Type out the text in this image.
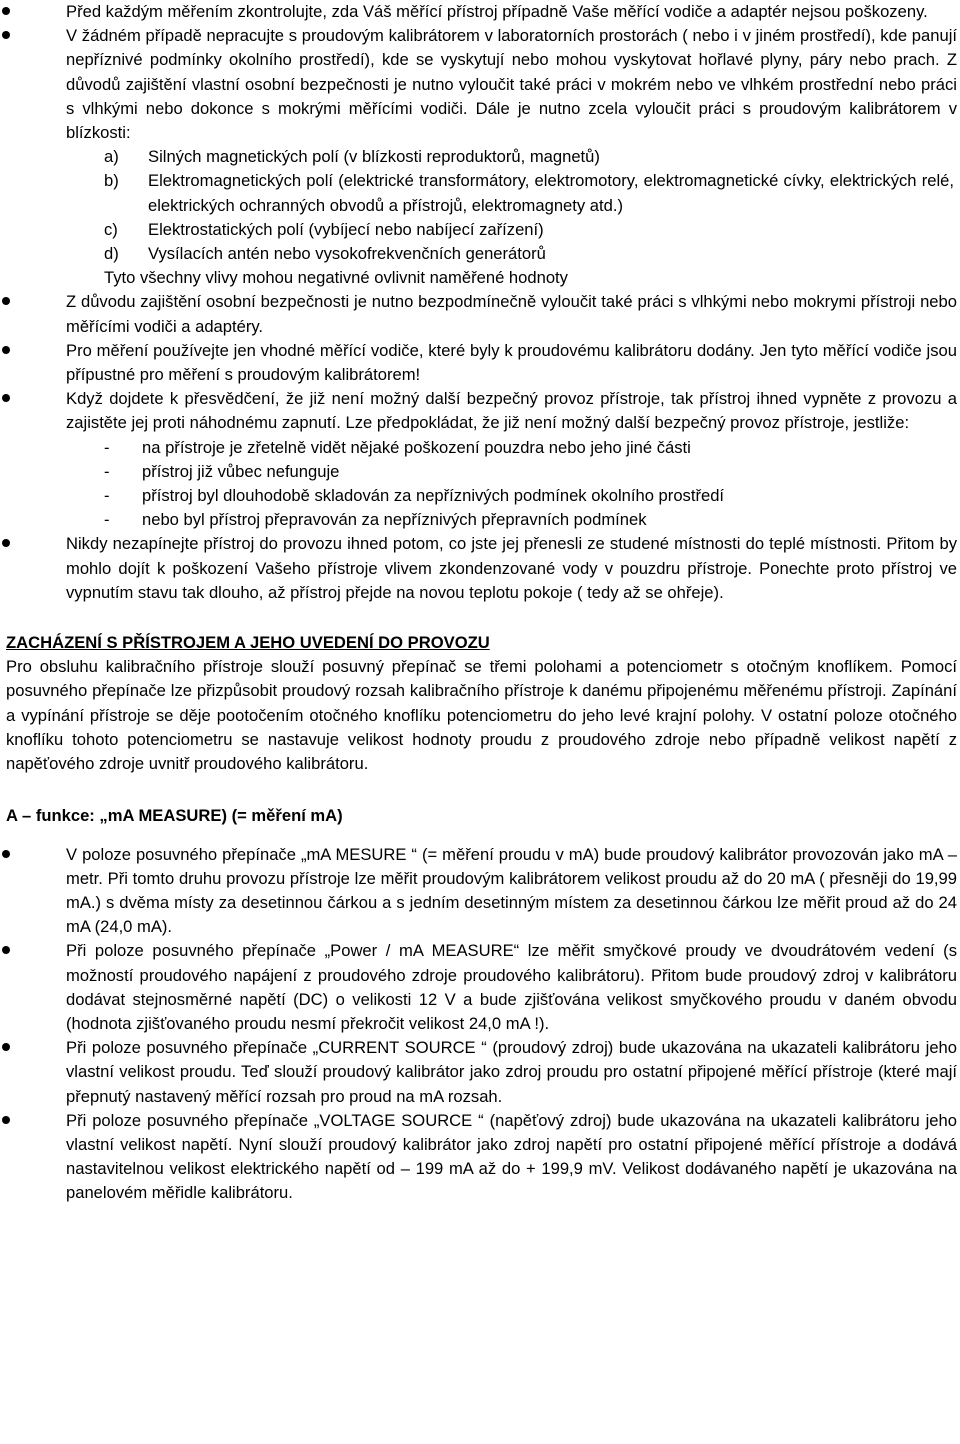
Před každým měřením zkontrolujte, zda Váš měřící přístroj případně Vaše měřící vodiče a adaptér nejsou poškozeny.
V žádném případě nepracujte s proudovým kalibrátorem v laboratorních prostorách ( nebo i v jiném prostředí), kde panují nepříznivé podmínky okolního prostředí), kde se vyskytují nebo mohou vyskytovat hořlavé plyny, páry nebo prach. Z důvodů zajištění vlastní osobní bezpečnosti je nutno vyloučit také práci v mokrém nebo ve vlhkém prostřední nebo práci s vlhkými nebo dokonce s mokrými měřícími vodiči. Dále je nutno zcela vyloučit práci s proudovým kalibrátorem v blízkosti:
a)	Silných magnetických polí (v blízkosti reproduktorů, magnetů)
b)	Elektromagnetických polí (elektrické transformátory, elektromotory, elektromagnetické cívky, elektrických relé, elektrických ochranných obvodů a přístrojů, elektromagnety atd.)
c)	Elektrostatických polí (vybíjecí nebo nabíjecí zařízení)
d)	Vysílacích antén nebo vysokofrekvenčních generátorů
Tyto všechny vlivy mohou negativné ovlivnit naměřené hodnoty
Z důvodu zajištění osobní bezpečnosti je nutno bezpodmínečně vyloučit také práci s vlhkými nebo mokrymi přístroji nebo měřícími vodiči a adaptéry.
Pro měření používejte jen vhodné měřící vodiče, které byly k proudovému kalibrátoru dodány. Jen tyto měřící vodiče jsou přípustné pro měření s proudovým kalibrátorem!
Když dojdete k přesvědčení, že již není možný další bezpečný provoz přístroje, tak přístroj ihned vypněte z provozu a zajistěte jej proti náhodnému zapnutí. Lze předpokládat, že již není možný další bezpečný provoz přístroje, jestliže:
-	na přístroje je zřetelně vidět nějaké poškození pouzdra nebo jeho jiné části
-	přístroj již vůbec nefunguje
-	přístroj byl dlouhodobě skladován za nepříznivých podmínek okolního prostředí
-	nebo byl přístroj přepravován za nepříznivých přepravních podmínek
Nikdy nezapínejte přístroj do provozu ihned potom, co jste jej přenesli ze studené místnosti do teplé místnosti. Přitom by mohlo dojít k poškození Vašeho přístroje vlivem zkondenzované vody v pouzdru přístroje. Ponechte proto přístroj ve vypnutím stavu tak dlouho, až přístroj přejde na novou teplotu pokoje ( tedy až se ohřeje).
ZACHÁZENÍ S PŘÍSTROJEM A JEHO UVEDENÍ DO PROVOZU
Pro obsluhu kalibračního přístroje slouží posuvný přepínač se třemi polohami a potenciometr s otočným knoflíkem. Pomocí posuvného přepínače lze přizpůsobit proudový rozsah kalibračního přístroje k danému připojenému měřenému přístroji. Zapínání a vypínání přístroje se děje pootočením otočného knoflíku potenciometru do jeho levé krajní polohy. V ostatní poloze otočného knoflíku tohoto potenciometru se nastavuje velikost hodnoty proudu z proudového zdroje nebo případně velikost napětí z napěťového zdroje uvnitř proudového kalibrátoru.
A – funkce: „mA MEASURE) (= měření mA)
V poloze posuvného přepínače „mA MESURE “ (= měření proudu v mA) bude proudový kalibrátor provozován jako mA – metr. Při tomto druhu provozu přístroje lze měřit proudovým kalibrátorem velikost proudu až do 20 mA ( přesněji do 19,99 mA.) s dvěma místy za desetinnou čárkou a s jedním desetinným místem za desetinnou čárkou lze měřit proud až do 24 mA (24,0 mA).
Při poloze posuvného přepínače „Power / mA MEASURE“ lze měřit smyčkové proudy ve dvoudrátovém vedení (s možností proudového napájení z proudového zdroje proudového kalibrátoru). Přitom bude proudový zdroj v kalibrátoru dodávat stejnosměrné napětí (DC) o velikosti 12 V a bude zjišťována velikost smyčkového proudu v daném obvodu (hodnota zjišťovaného proudu nesmí překročit velikost 24,0 mA !).
Při poloze posuvného přepínače „CURRENT SOURCE “ (proudový zdroj) bude ukazována na ukazateli kalibrátoru jeho vlastní velikost proudu. Teď slouží proudový kalibrátor jako zdroj proudu pro ostatní připojené měřící přístroje (které mají přepnutý nastavený měřící rozsah pro proud na mA rozsah.
Při poloze posuvného přepínače „VOLTAGE SOURCE “ (napěťový zdroj) bude ukazována na ukazateli kalibrátoru jeho vlastní velikost napětí. Nyní slouží proudový kalibrátor jako zdroj napětí pro ostatní připojené měřící přístroje a dodává nastavitelnou velikost elektrického napětí od – 199 mA až do + 199,9 mV. Velikost dodávaného napětí je ukazována na panelovém měřidle kalibrátoru.
